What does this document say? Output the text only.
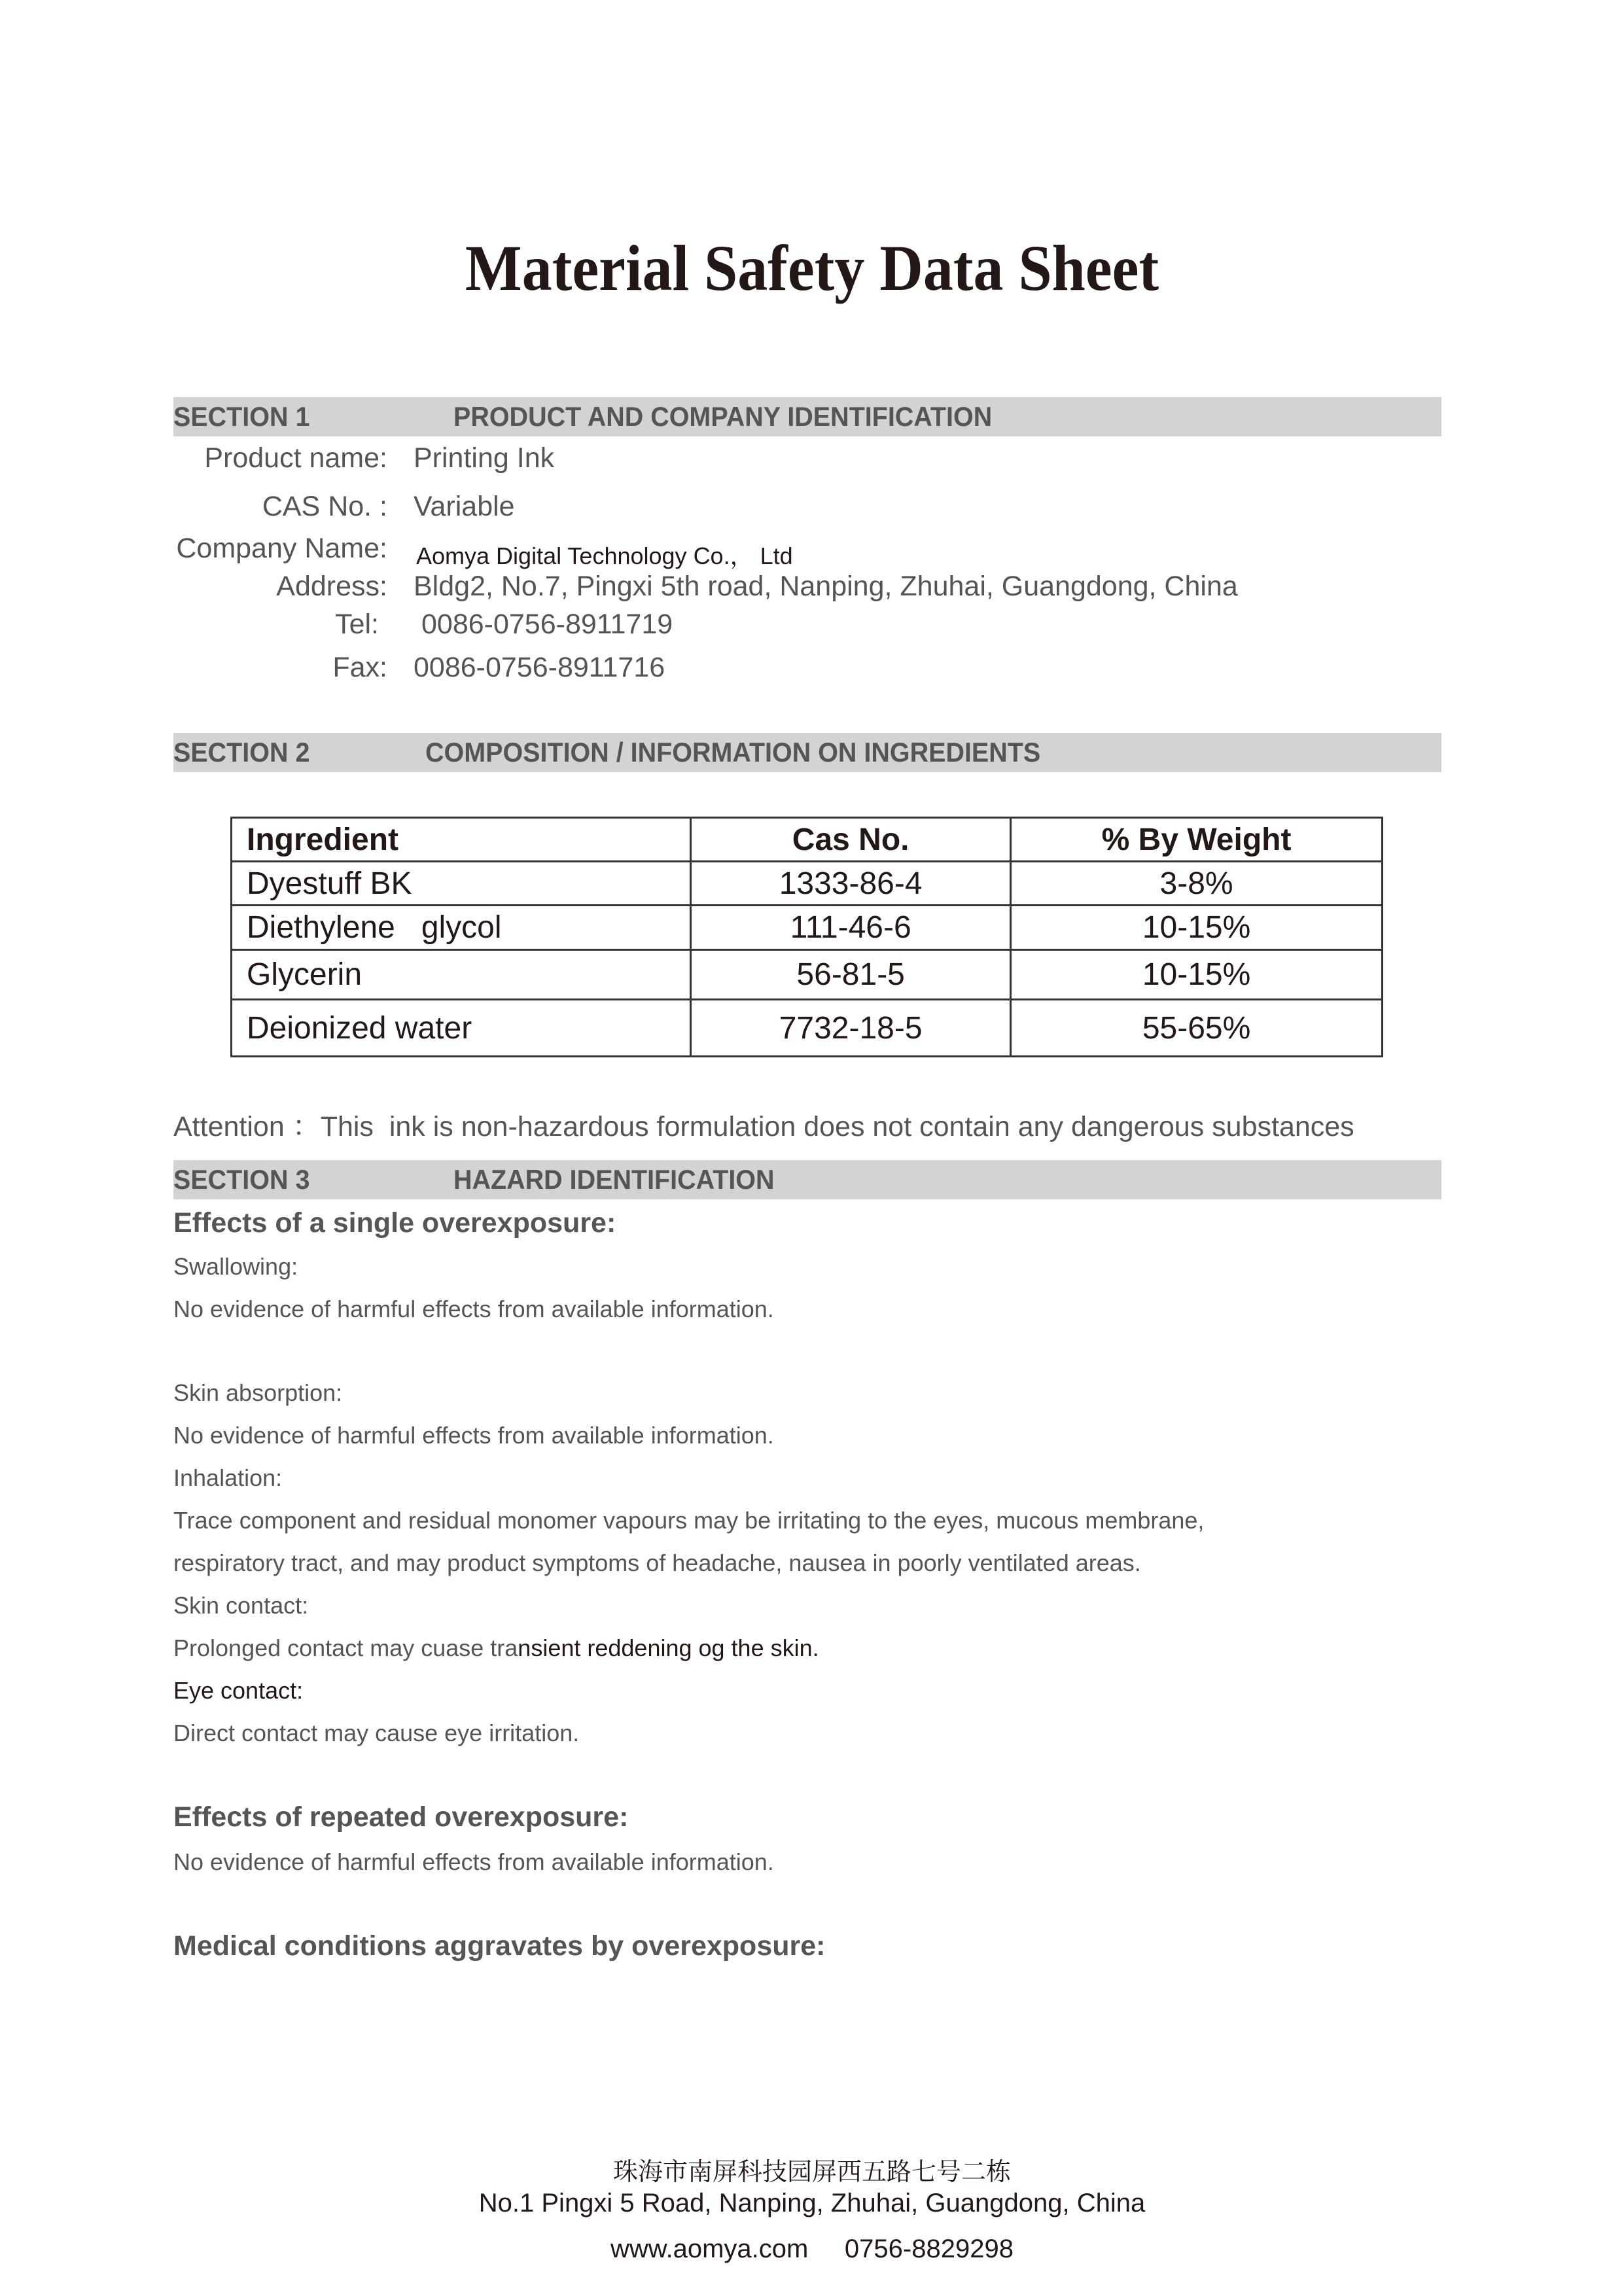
Material Safety Data Sheet
SECTION 1	PRODUCT AND COMPANY IDENTIFICATION
Product name: Printing Ink
CAS No. : Variable
Company Name: Aomya Digital Technology Co.， Ltd
Address: Bldg2, No.7, Pingxi 5th road, Nanping, Zhuhai, Guangdong, China
Tel: 0086-0756-8911719
Fax: 0086-0756-8911716
SECTION 2	COMPOSITION / INFORMATION ON INGREDIENTS
Ingredient	Cas No.	% By Weight
Dyestuff BK	1333-86-4	3-8%
Diethylene   glycol	111-46-6	10-15%
Glycerin	56-81-5	10-15%
Deionized water	7732-18-5	55-65%
Attention ：This  ink is non-hazardous formulation does not contain any dangerous substances
SECTION 3	HAZARD IDENTIFICATION
Effects of a single overexposure:
Swallowing:
No evidence of harmful effects from available information.
Skin absorption:
No evidence of harmful effects from available information.
Inhalation:
Trace component and residual monomer vapours may be irritating to the eyes, mucous membrane,
respiratory tract, and may product symptoms of headache, nausea in poorly ventilated areas.
Skin contact:
Prolonged contact may cuase transient reddening og the skin.
Eye contact:
Direct contact may cause eye irritation.
Effects of repeated overexposure:
No evidence of harmful effects from available information.
Medical conditions aggravates by overexposure:
珠海市南屏科技园屏西五路七号二栋
No.1 Pingxi 5 Road, Nanping, Zhuhai, Guangdong, China
www.aomya.com 0756-8829298
